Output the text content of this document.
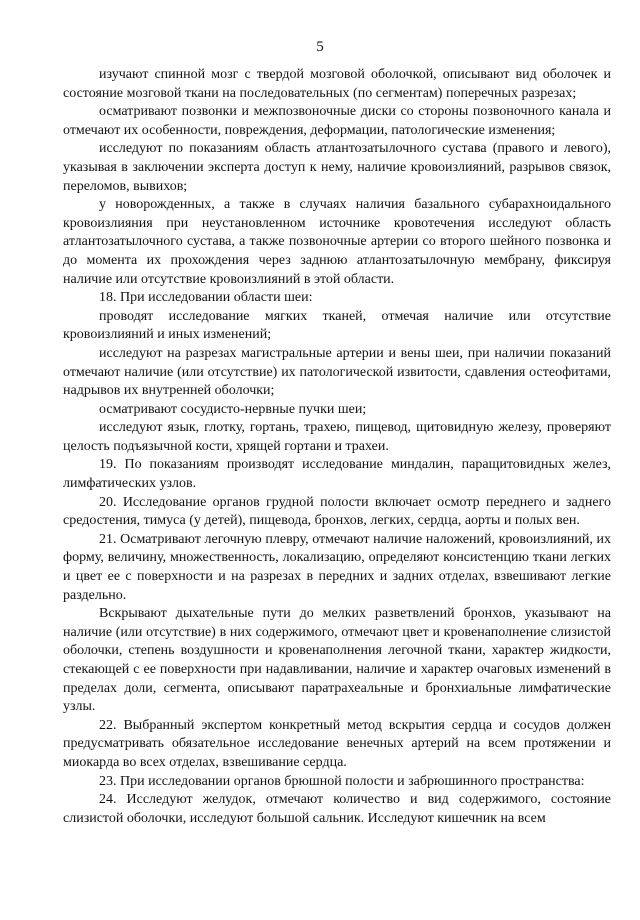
5

изучают спинной мозг с твердой мозговой оболочкой, описывают вид оболочек и состояние мозговой ткани на последовательных (по сегментам) поперечных разрезах;

осматривают позвонки и межпозвоночные диски со стороны позвоночного канала и отмечают их особенности, повреждения, деформации, патологические изменения;

исследуют по показаниям область атлантозатылочного сустава (правого и левого), указывая в заключении эксперта доступ к нему, наличие кровоизлияний, разрывов связок, переломов, вывихов;

у новорожденных, а также в случаях наличия базального субарахноидального кровоизлияния при неустановленном источнике кровотечения исследуют область атлантозатылочного сустава, а также позвоночные артерии со второго шейного позвонка и до момента их прохождения через заднюю атлантозатылочную мембрану, фиксируя наличие или отсутствие кровоизлияний в этой области.

18. При исследовании области шеи:

проводят исследование мягких тканей, отмечая наличие или отсутствие кровоизлияний и иных изменений;

исследуют на разрезах магистральные артерии и вены шеи, при наличии показаний отмечают наличие (или отсутствие) их патологической извитости, сдавления остеофитами, надрывов их внутренней оболочки;

осматривают сосудисто-нервные пучки шеи;

исследуют язык, глотку, гортань, трахею, пищевод, щитовидную железу, проверяют целость подъязычной кости, хрящей гортани и трахеи.

19. По показаниям производят исследование миндалин, паращитовидных желез, лимфатических узлов.

20. Исследование органов грудной полости включает осмотр переднего и заднего средостения, тимуса (у детей), пищевода, бронхов, легких, сердца, аорты и полых вен.

21. Осматривают легочную плевру, отмечают наличие наложений, кровоизлияний, их форму, величину, множественность, локализацию, определяют консистенцию ткани легких и цвет ее с поверхности и на разрезах в передних и задних отделах, взвешивают легкие раздельно.

Вскрывают дыхательные пути до мелких разветвлений бронхов, указывают на наличие (или отсутствие) в них содержимого, отмечают цвет и кровенаполнение слизистой оболочки, степень воздушности и кровенаполнения легочной ткани, характер жидкости, стекающей с ее поверхности при надавливании, наличие и характер очаговых изменений в пределах доли, сегмента, описывают паратрахеальные и бронхиальные лимфатические узлы.

22. Выбранный экспертом конкретный метод вскрытия сердца и сосудов должен предусматривать обязательное исследование венечных артерий на всем протяжении и миокарда во всех отделах, взвешивание сердца.

23. При исследовании органов брюшной полости и забрюшинного пространства:

24. Исследуют желудок, отмечают количество и вид содержимого, состояние слизистой оболочки, исследуют большой сальник. Исследуют кишечник на всем
